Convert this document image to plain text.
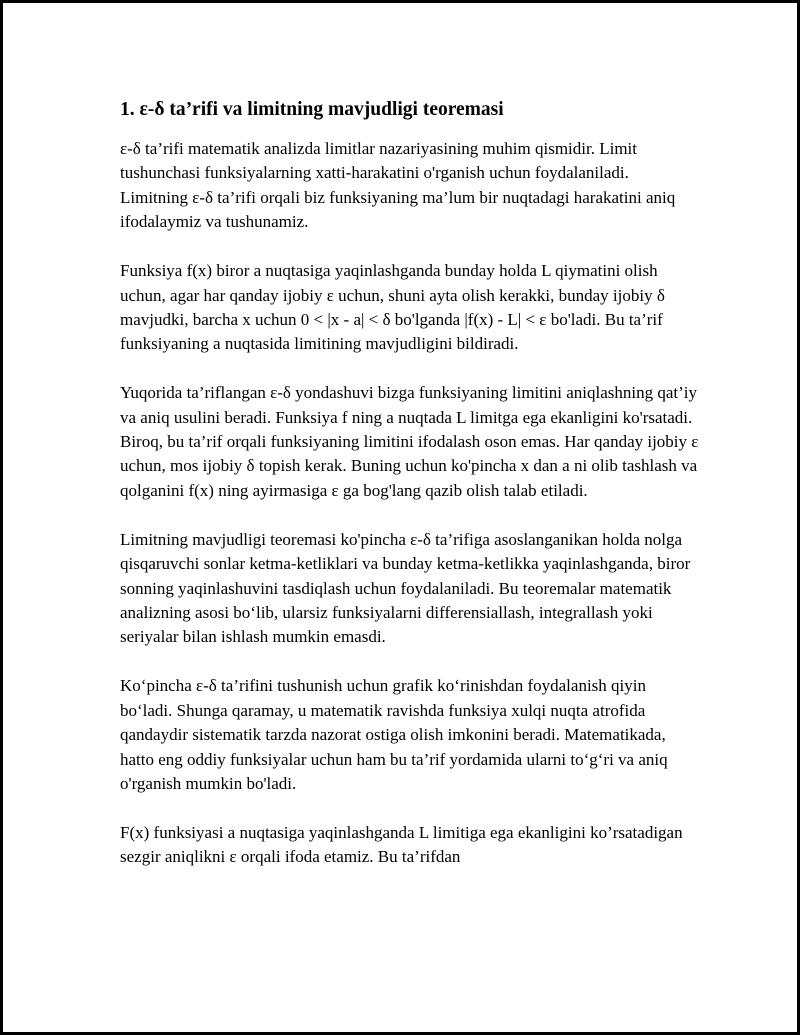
1. ε-δ ta’rifi va limitning mavjudligi teoremasi

ε-δ ta’rifi matematik analizda limitlar nazariyasining muhim qismidir. Limit tushunchasi funksiyalarning xatti-harakatini o'rganish uchun foydalaniladi. Limitning ε-δ ta’rifi orqali biz funksiyaning ma’lum bir nuqtadagi harakatini aniq ifodalaymiz va tushunamiz.

Funksiya f(x) biror a nuqtasiga yaqinlashganda bunday holda L qiymatini olish uchun, agar har qanday ijobiy ε uchun, shuni ayta olish kerakki, bunday ijobiy δ mavjudki, barcha x uchun 0 < |x - a| < δ bo'lganda |f(x) - L| < ε bo'ladi. Bu ta’rif funksiyaning a nuqtasida limitining mavjudligini bildiradi.

Yuqorida ta’riflangan ε-δ yondashuvi bizga funksiyaning limitini aniqlashning qat’iy va aniq usulini beradi. Funksiya f ning a nuqtada L limitga ega ekanligini ko'rsatadi. Biroq, bu ta’rif orqali funksiyaning limitini ifodalash oson emas. Har qanday ijobiy ε uchun, mos ijobiy δ topish kerak. Buning uchun ko'pincha x dan a ni olib tashlash va qolganini f(x) ning ayirmasiga ε ga bog'lang qazib olish talab etiladi.

Limitning mavjudligi teoremasi ko'pincha ε-δ ta’rifiga asoslanganikan holda nolga qisqaruvchi sonlar ketma-ketliklari va bunday ketma-ketlikka yaqinlashganda, biror sonning yaqinlashuvini tasdiqlash uchun foydalaniladi. Bu teoremalar matematik analizning asosi bo‘lib, ularsiz funksiyalarni differensiallash, integrallash yoki seriyalar bilan ishlash mumkin emasdi.

Ko‘pincha ε-δ ta’rifini tushunish uchun grafik ko‘rinishdan foydalanish qiyin bo‘ladi. Shunga qaramay, u matematik ravishda funksiya xulqi nuqta atrofida qandaydir sistematik tarzda nazorat ostiga olish imkonini beradi. Matematikada, hatto eng oddiy funksiyalar uchun ham bu ta’rif yordamida ularni to‘g‘ri va aniq o'rganish mumkin bo'ladi.

F(x) funksiyasi a nuqtasiga yaqinlashganda L limitiga ega ekanligini ko’rsatadigan sezgir aniqlikni ε orqali ifoda etamiz. Bu ta’rifdan
